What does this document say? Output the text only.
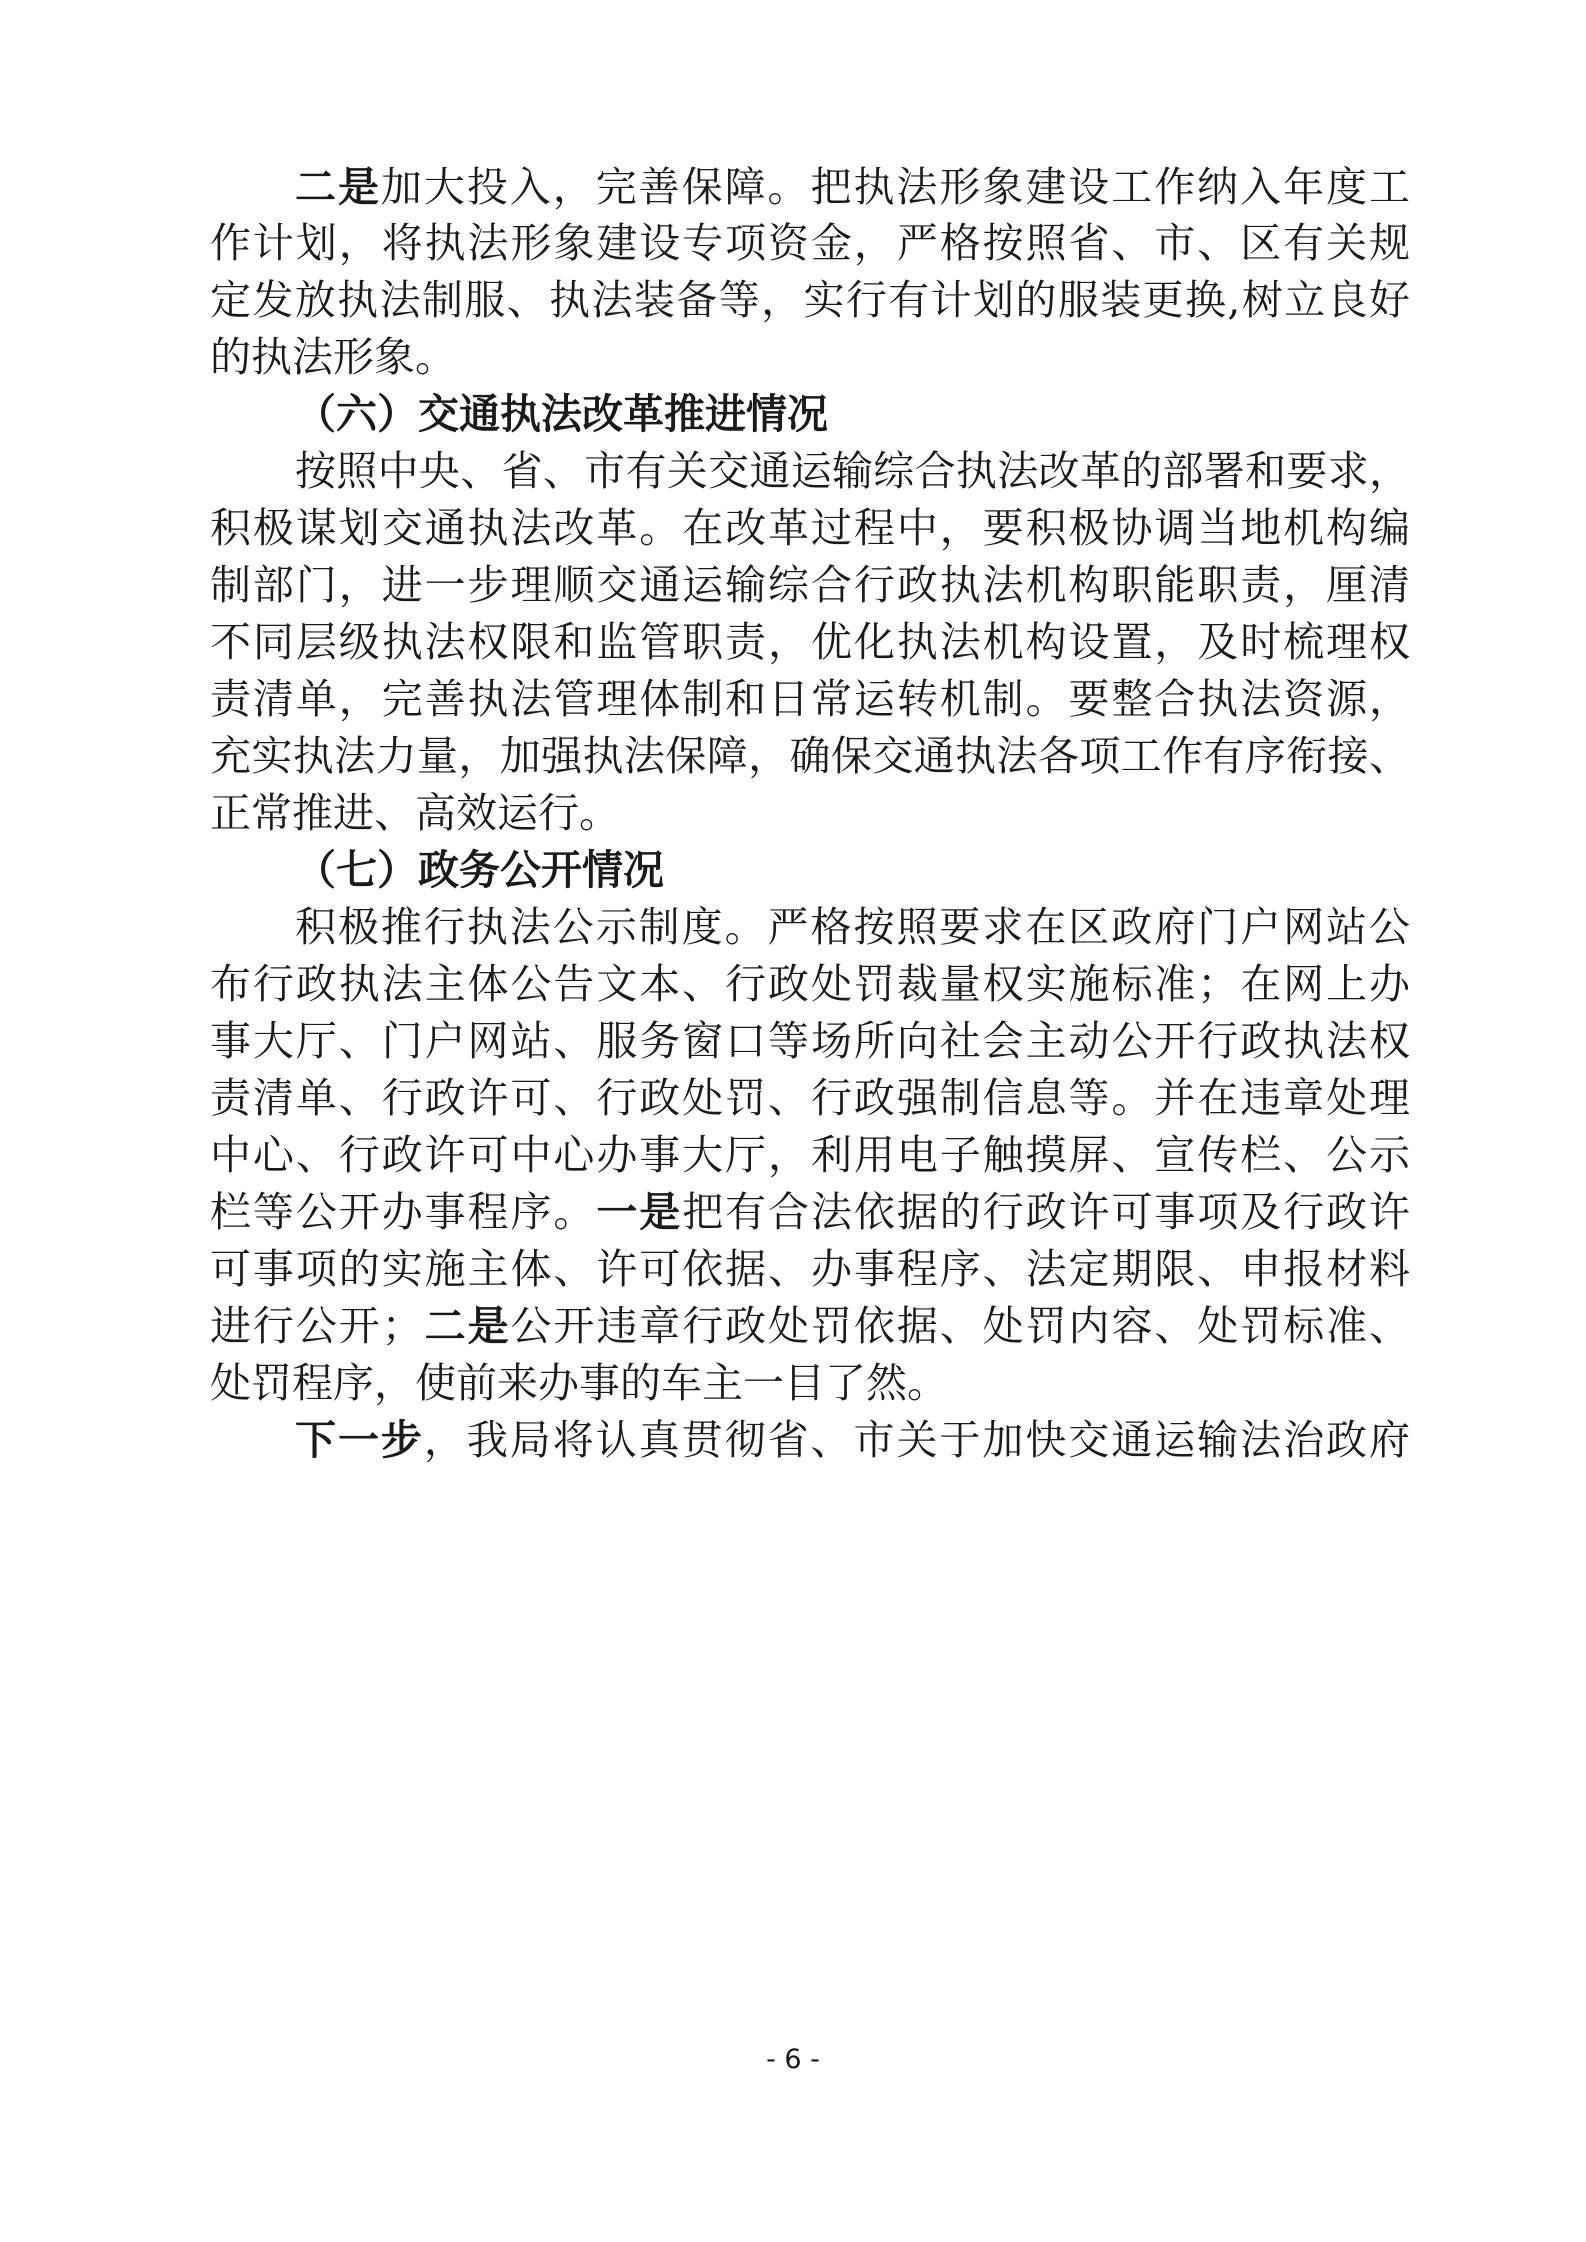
二是加大投入，完善保障。把执法形象建设工作纳入年度工
作计划，将执法形象建设专项资金，严格按照省、市、区有关规
定发放执法制服、执法装备等，实行有计划的服装更换,树立良好
的执法形象。
（六）交通执法改革推进情况
按照中央、省、市有关交通运输综合执法改革的部署和要求，
积极谋划交通执法改革。在改革过程中，要积极协调当地机构编
制部门，进一步理顺交通运输综合行政执法机构职能职责，厘清
不同层级执法权限和监管职责，优化执法机构设置，及时梳理权
责清单，完善执法管理体制和日常运转机制。要整合执法资源，
充实执法力量，加强执法保障，确保交通执法各项工作有序衔接、
正常推进、高效运行。
（七）政务公开情况
积极推行执法公示制度。严格按照要求在区政府门户网站公
布行政执法主体公告文本、行政处罚裁量权实施标准；在网上办
事大厅、门户网站、服务窗口等场所向社会主动公开行政执法权
责清单、行政许可、行政处罚、行政强制信息等。并在违章处理
中心、行政许可中心办事大厅，利用电子触摸屏、宣传栏、公示
栏等公开办事程序。一是把有合法依据的行政许可事项及行政许
可事项的实施主体、许可依据、办事程序、法定期限、申报材料
进行公开；二是公开违章行政处罚依据、处罚内容、处罚标准、
处罚程序，使前来办事的车主一目了然。
下一步，我局将认真贯彻省、市关于加快交通运输法治政府
- 6 -
